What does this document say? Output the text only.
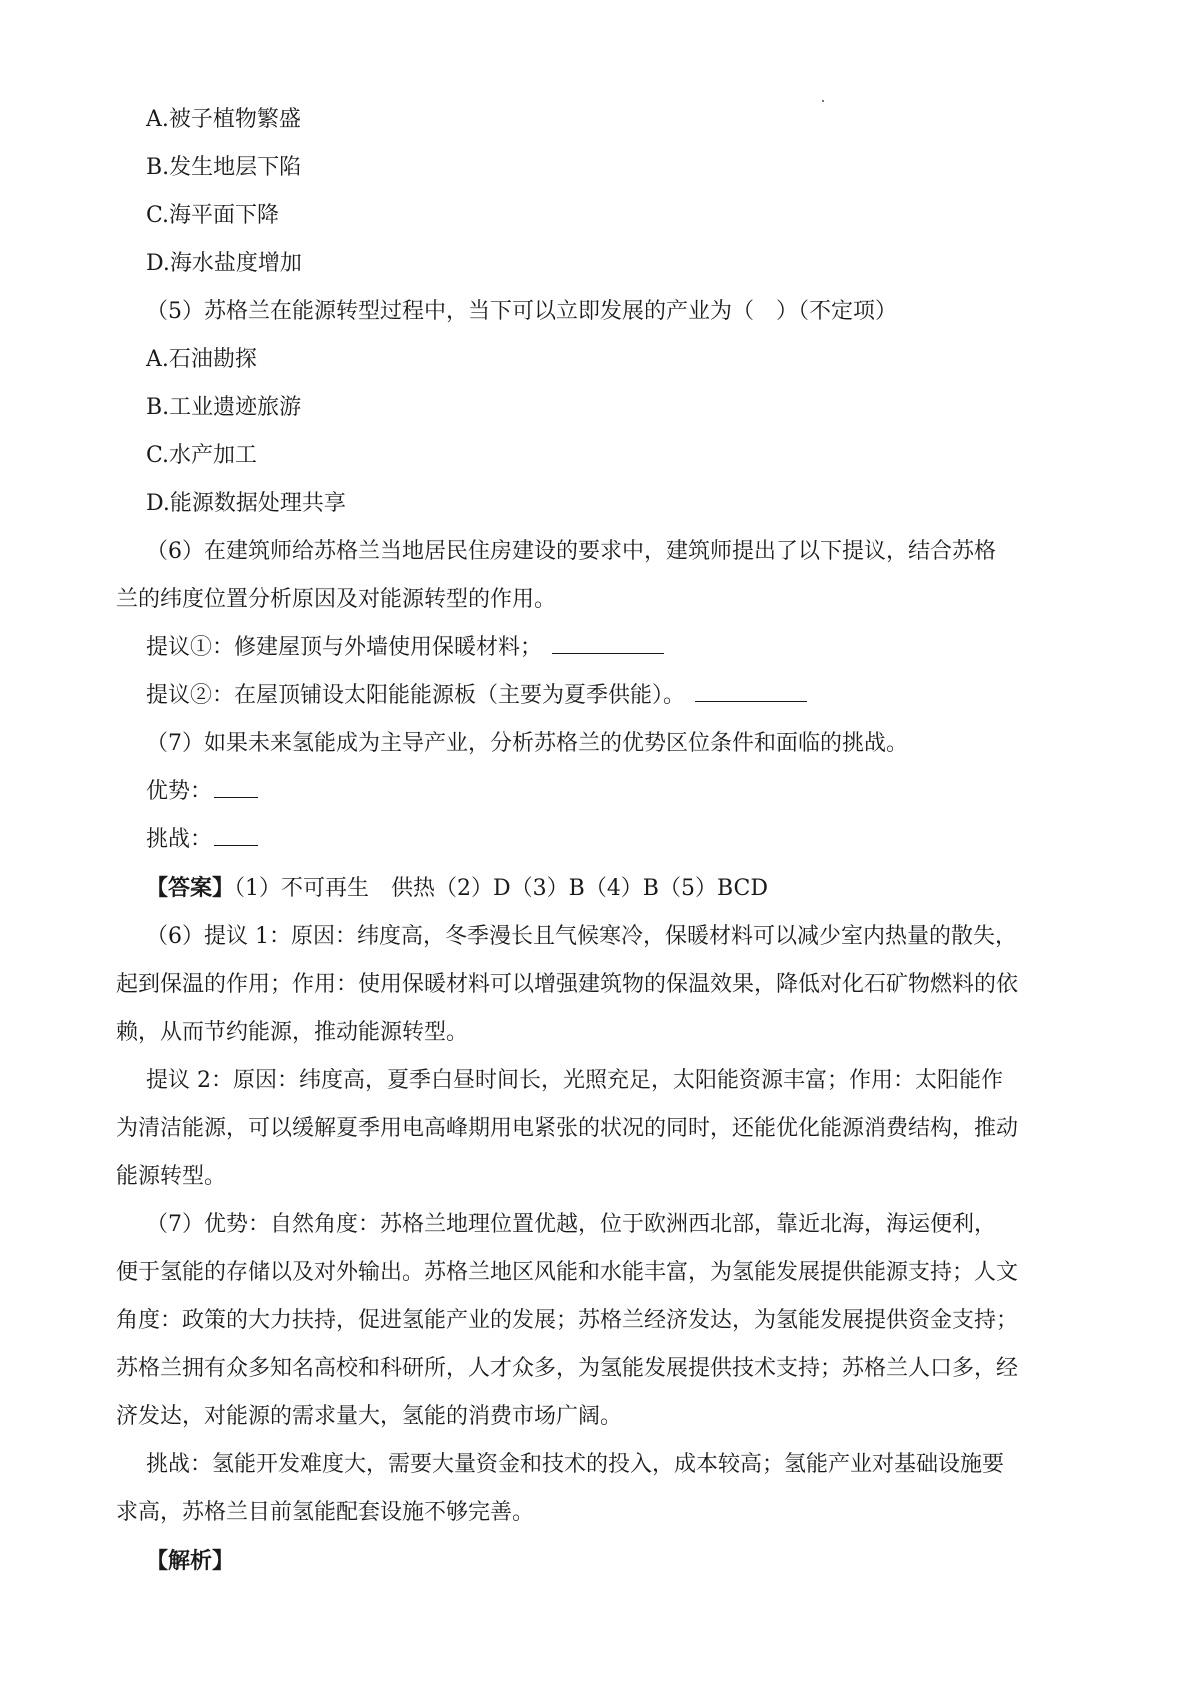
A.被子植物繁盛
B.发生地层下陷
C.海平面下降
D.海水盐度增加
（5）苏格兰在能源转型过程中，当下可以立即发展的产业为（　）（不定项）
A.石油勘探
B.工业遗迹旅游
C.水产加工
D.能源数据处理共享
（6）在建筑师给苏格兰当地居民住房建设的要求中，建筑师提出了以下提议，结合苏格
兰的纬度位置分析原因及对能源转型的作用。
提议①：修建屋顶与外墙使用保暖材料；
提议②：在屋顶铺设太阳能能源板（主要为夏季供能）。
（7）如果未来氢能成为主导产业，分析苏格兰的优势区位条件和面临的挑战。
优势：
挑战：
【答案】（1）不可再生　供热（2）D（3）B（4）B（5）BCD
（6）提议 1：原因：纬度高，冬季漫长且气候寒冷，保暖材料可以减少室内热量的散失，
起到保温的作用；作用：使用保暖材料可以增强建筑物的保温效果，降低对化石矿物燃料的依
赖，从而节约能源，推动能源转型。
提议 2：原因：纬度高，夏季白昼时间长，光照充足，太阳能资源丰富；作用：太阳能作
为清洁能源，可以缓解夏季用电高峰期用电紧张的状况的同时，还能优化能源消费结构，推动
能源转型。
（7）优势：自然角度：苏格兰地理位置优越，位于欧洲西北部，靠近北海，海运便利，
便于氢能的存储以及对外输出。苏格兰地区风能和水能丰富，为氢能发展提供能源支持；人文
角度：政策的大力扶持，促进氢能产业的发展；苏格兰经济发达，为氢能发展提供资金支持；
苏格兰拥有众多知名高校和科研所，人才众多，为氢能发展提供技术支持；苏格兰人口多，经
济发达，对能源的需求量大，氢能的消费市场广阔。
挑战：氢能开发难度大，需要大量资金和技术的投入，成本较高；氢能产业对基础设施要
求高，苏格兰目前氢能配套设施不够完善。
【解析】
